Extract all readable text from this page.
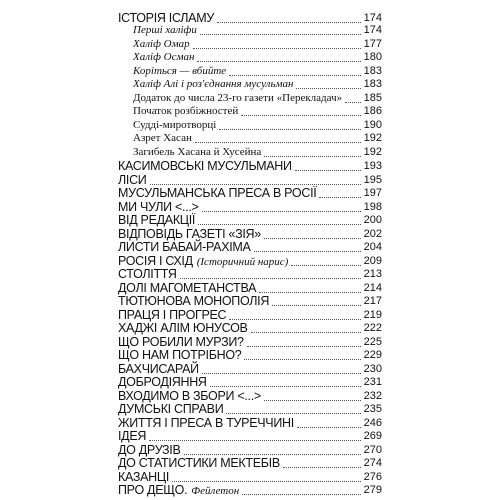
ІСТОРІЯ ІСЛАМУ	174
Перші халіфи	174
Халіф Омар	177
Халіф Осман	180
Коріться — вбийте	183
Халіф Алі і роз'єднання мусульман	183
Додаток до числа 23-го газети «Перекладач» 185
Початок розбіжностей	186
Судді-миротворці	190
Азрет Хасан	192
Загибель Хасана й Хусейна	192
КАСИМОВСЬКІ МУСУЛЬМАНИ	193
ЛІСИ	195
МУСУЛЬМАНСЬКА ПРЕСА В РОСІЇ	197
МИ ЧУЛИ <...>	198
ВІД РЕДАКЦІЇ	200
ВІДПОВІДЬ ГАЗЕТІ «ЗІЯ»	202
ЛИСТИ БАБАЙ-РАХІМА	204
РОСІЯ І СХІД (Історичний нарис)	209
СТОЛІТТЯ	213
ДОЛІ МАГОМЕТАНСТВА	214
ТЮТЮНОВА МОНОПОЛІЯ	217
ПРАЦЯ І ПРОГРЕС	219
ХАДЖІ АЛІМ ЮНУСОВ	222
ЩО РОБИЛИ МУРЗИ?	225
ЩО НАМ ПОТРІБНО?	229
БАХЧИСАРАЙ	230
ДОБРОДІЯННЯ	231
ВХОДИМО В ЗБОРИ <...>	232
ДУМСЬКІ СПРАВИ	235
ЖИТТЯ І ПРЕСА В ТУРЕЧЧИНІ	246
ІДЕЯ	269
ДО ДРУЗІВ	270
ДО СТАТИСТИКИ МЕКТЕБІВ	274
КАЗАНЦІ	276
ПРО ДЕЩО. Фейлетон	279
